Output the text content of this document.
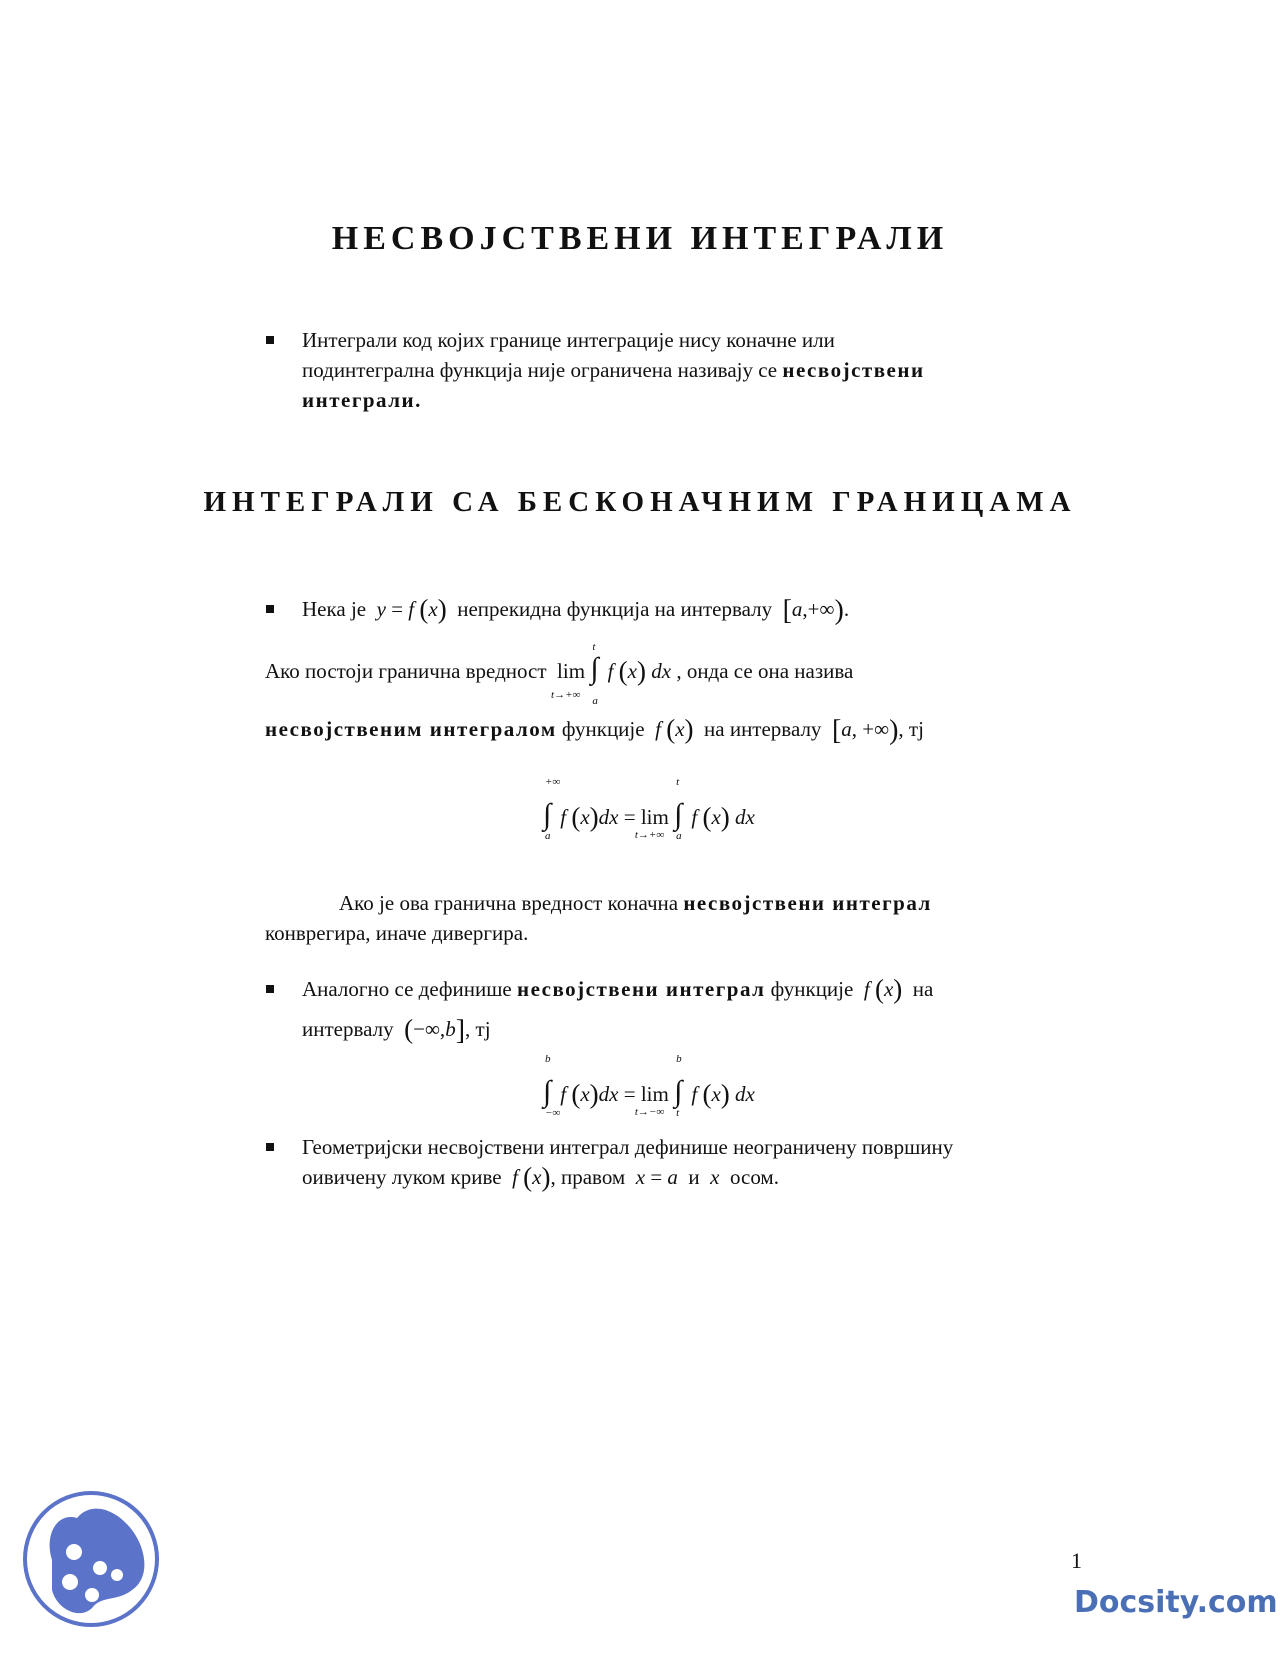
НЕСВОЈСТВЕНИ ИНТЕГРАЛИ
Интеграли код којих границе интеграције нису коначне или
подинтегрална функција није ограничена називају се несвојствени
интеграли.
ИНТЕГРАЛИ СА БЕСКОНАЧНИМ ГРАНИЦАМА
Нека је y = f (x) непрекидна функција на интервалу [a,+∞).
Ако постоји гранична вредност lim
t→+∞
∫
t
a
f (x) dx , онда се она назива
несвојственим интегралом функције f (x) на интервалу [a, +∞), тј
∫
+∞
a
f (x)dx = lim
t→+∞
∫
t
a
f (x) dx
Ако је ова гранична вредност коначна несвојствени интеграл
конвpегира, иначе дивергира.
Аналогно се дефинише несвојствени интеграл функције f (x) на
интервалу (−∞,b], тј
∫
b
−∞
f (x)dx = lim
t→−∞
∫
b
t
f (x) dx
Геометријски несвојствени интеграл дефинише неограничену површину
оивичену луком криве f (x), правом x = a и x осом.
1
Docsity.com
